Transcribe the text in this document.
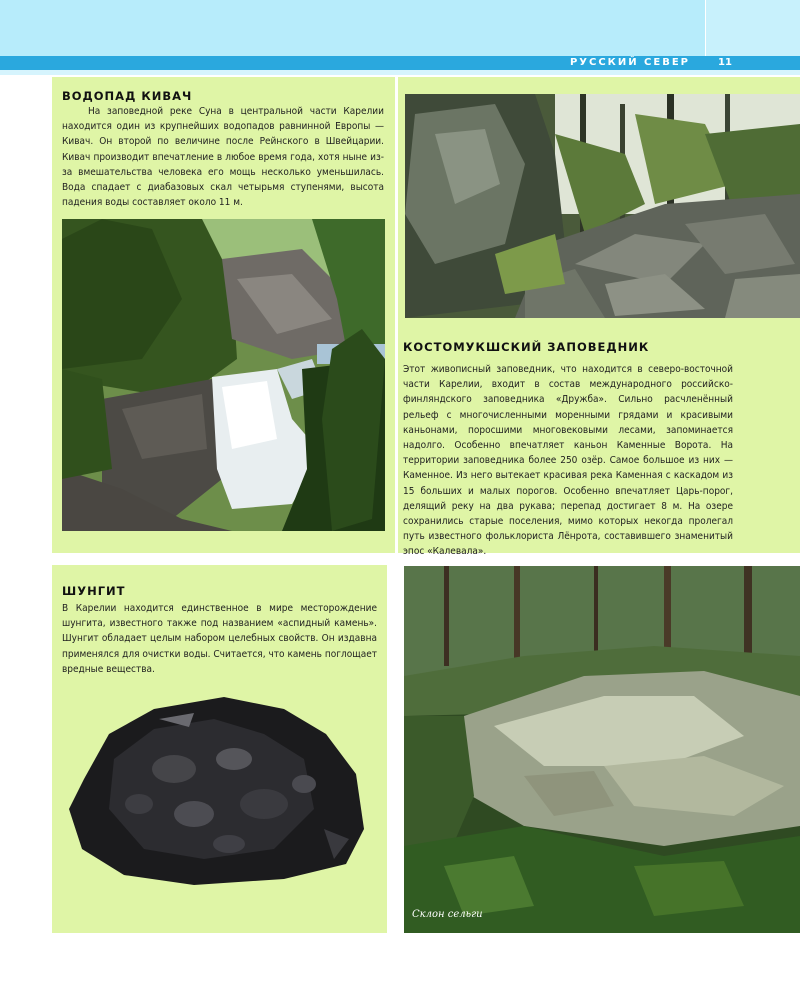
РУССКИЙ СЕВЕР	11
ВОДОПАД КИВАЧ

На заповедной реке Суна в центральной части Карелии находится один из крупнейших водопадов равнинной Европы — Кивач. Он второй по величине после Рейнского в Швейцарии. Кивач производит впечатление в любое время года, хотя ныне из-за вмешательства человека его мощь несколько уменьшилась. Вода спадает с диабазовых скал четырьмя ступенями, высота падения воды составляет около 11 м.

КОСТОМУКШСКИЙ ЗАПОВЕДНИК

Этот живописный заповедник, что находится в северо-восточной части Карелии, входит в состав международного российско-финляндского заповедника «Дружба». Сильно расчленённый рельеф с многочисленными моренными грядами и красивыми каньонами, поросшими многовековыми лесами, запоминается надолго. Особенно впечатляет каньон Каменные Ворота. На территории заповедника более 250 озёр. Самое большое из них — Каменное. Из него вытекает красивая река Каменная с каскадом из 15 больших и малых порогов. Особенно впечатляет Царь-порог, делящий реку на два рукава; перепад достигает 8 м. На озере сохранились старые поселения, мимо которых некогда пролегал путь известного фольклориста Лёнрота, составившего знаменитый эпос «Калевала».

ШУНГИТ

В Карелии находится единственное в мире месторождение шунгита, известного также под названием «аспидный камень». Шунгит обладает целым набором целебных свойств. Он издавна применялся для очистки воды. Считается, что камень поглощает вредные вещества.

Склон сельги
